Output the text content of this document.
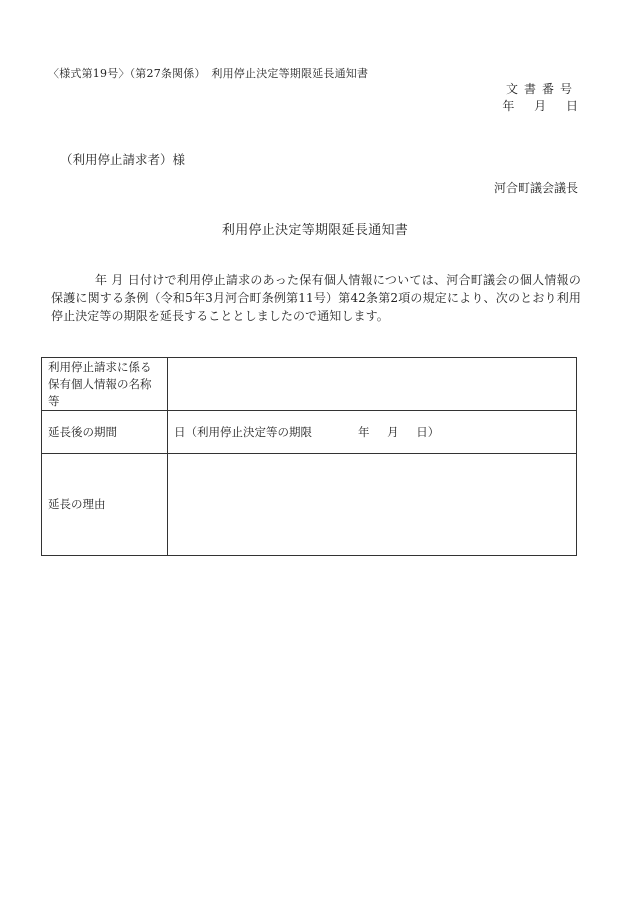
〈様式第19号〉（第27条関係）　利用停止決定等期限延長通知書
文書番号
年 月 日
（利用停止請求者）様
河合町議会議長
利用停止決定等期限延長通知書
年 月 日付けで利用停止請求のあった保有個人情報については、河合町議会の個人情報の保護に関する条例（令和5年3月河合町条例第11号）第42条第2項の規定により、次のとおり利用停止決定等の期限を延長することとしましたので通知します。
利用停止請求に係る保有個人情報の名称等	
延長後の期間	日（利用停止決定等の期限 年 月 日）
延長の理由	
